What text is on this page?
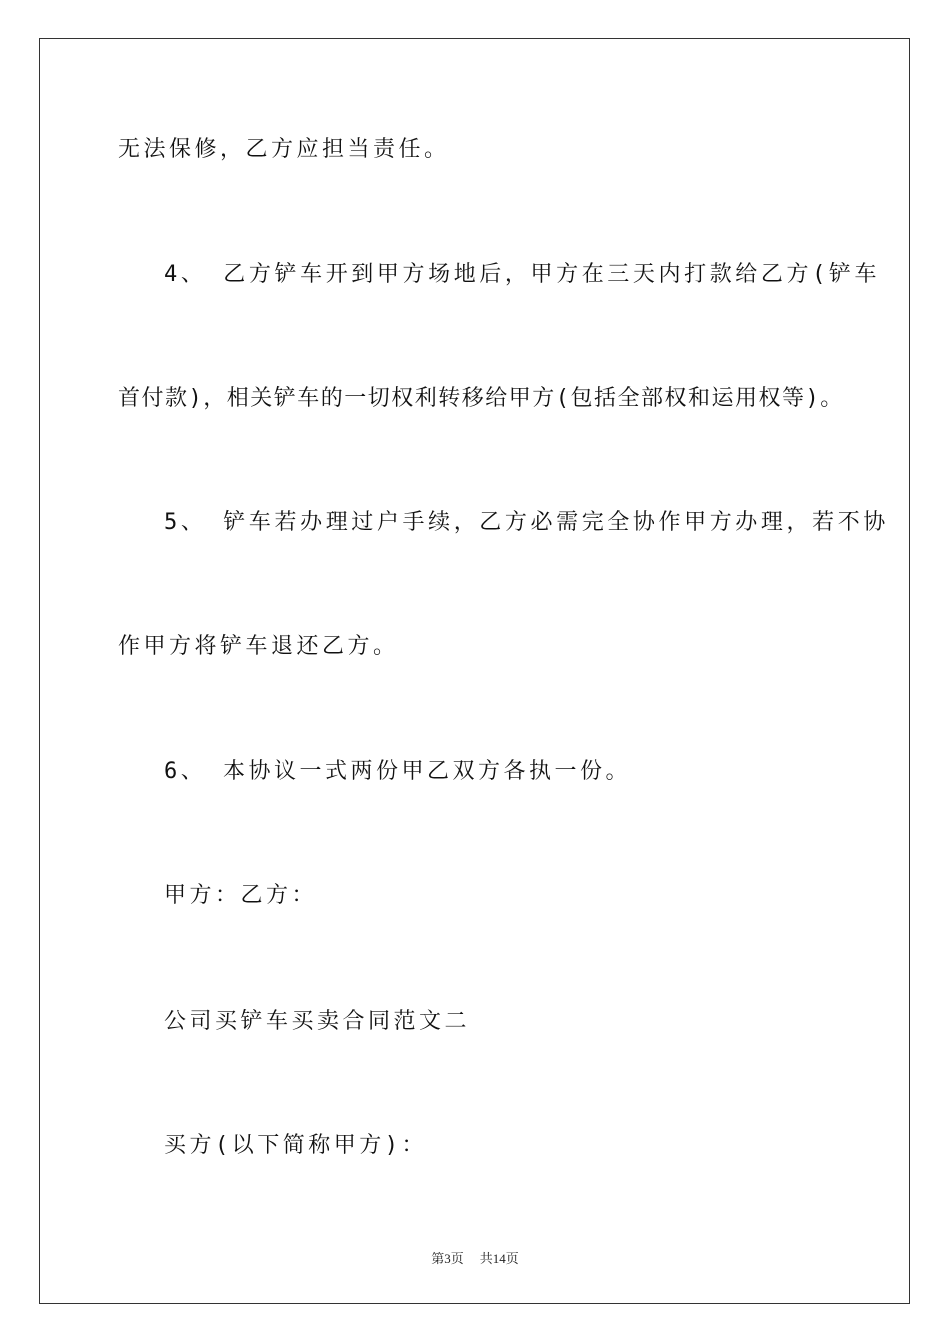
无法保修，乙方应担当责任。
4、 乙方铲车开到甲方场地后，甲方在三天内打款给乙方(铲车
首付款)，相关铲车的一切权利转移给甲方(包括全部权和运用权等)。
5、 铲车若办理过户手续，乙方必需完全协作甲方办理，若不协
作甲方将铲车退还乙方。
6、 本协议一式两份甲乙双方各执一份。
甲方：乙方：
公司买铲车买卖合同范文二
买方(以下简称甲方)：
第3页 共14页
